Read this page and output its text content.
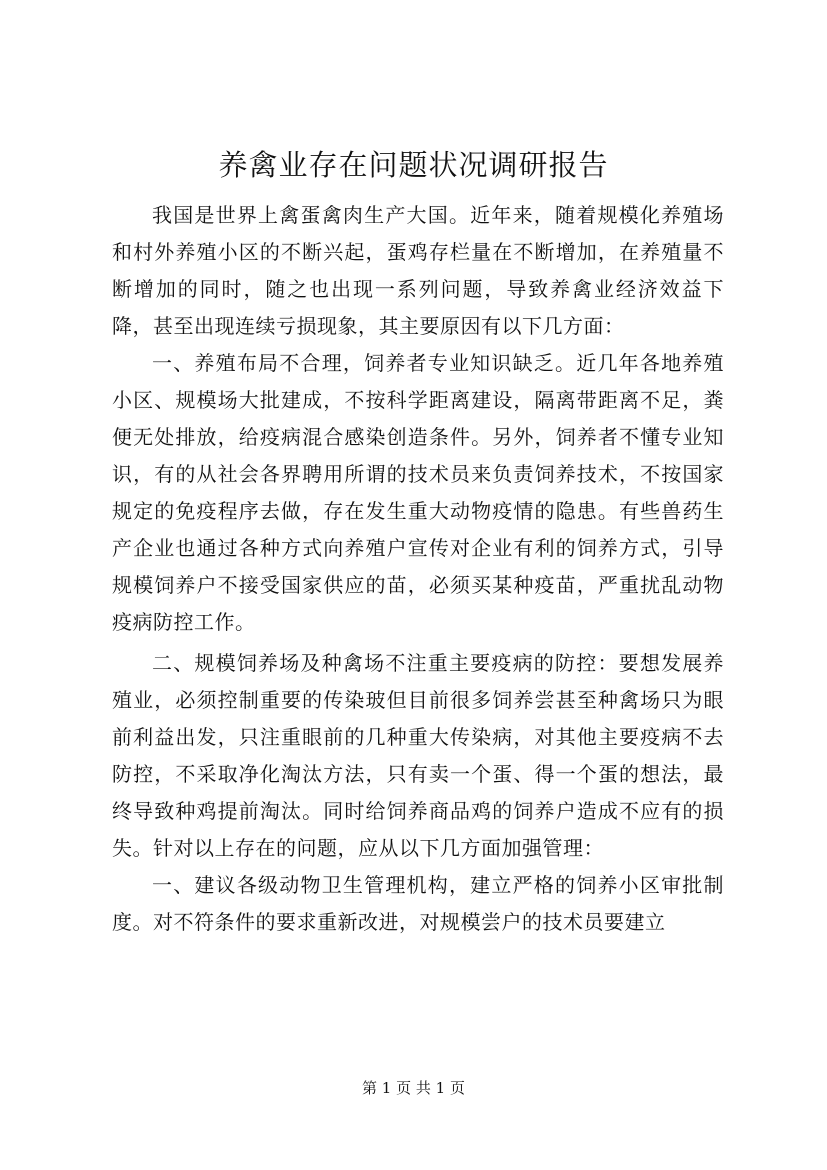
养禽业存在问题状况调研报告

我国是世界上禽蛋禽肉生产大国。近年来，随着规模化养殖场和村外养殖小区的不断兴起，蛋鸡存栏量在不断增加，在养殖量不断增加的同时，随之也出现一系列问题，导致养禽业经济效益下降，甚至出现连续亏损现象，其主要原因有以下几方面：

一、养殖布局不合理，饲养者专业知识缺乏。近几年各地养殖小区、规模场大批建成，不按科学距离建设，隔离带距离不足，粪便无处排放，给疫病混合感染创造条件。另外，饲养者不懂专业知识，有的从社会各界聘用所谓的技术员来负责饲养技术，不按国家规定的免疫程序去做，存在发生重大动物疫情的隐患。有些兽药生产企业也通过各种方式向养殖户宣传对企业有利的饲养方式，引导规模饲养户不接受国家供应的苗，必须买某种疫苗，严重扰乱动物疫病防控工作。

二、规模饲养场及种禽场不注重主要疫病的防控：要想发展养殖业，必须控制重要的传染玻但目前很多饲养尝甚至种禽场只为眼前利益出发，只注重眼前的几种重大传染病，对其他主要疫病不去防控，不采取净化淘汰方法，只有卖一个蛋、得一个蛋的想法，最终导致种鸡提前淘汰。同时给饲养商品鸡的饲养户造成不应有的损失。针对以上存在的问题，应从以下几方面加强管理：

一、建议各级动物卫生管理机构，建立严格的饲养小区审批制度。对不符条件的要求重新改进，对规模尝户的技术员要建立

第 1 页 共 1 页
